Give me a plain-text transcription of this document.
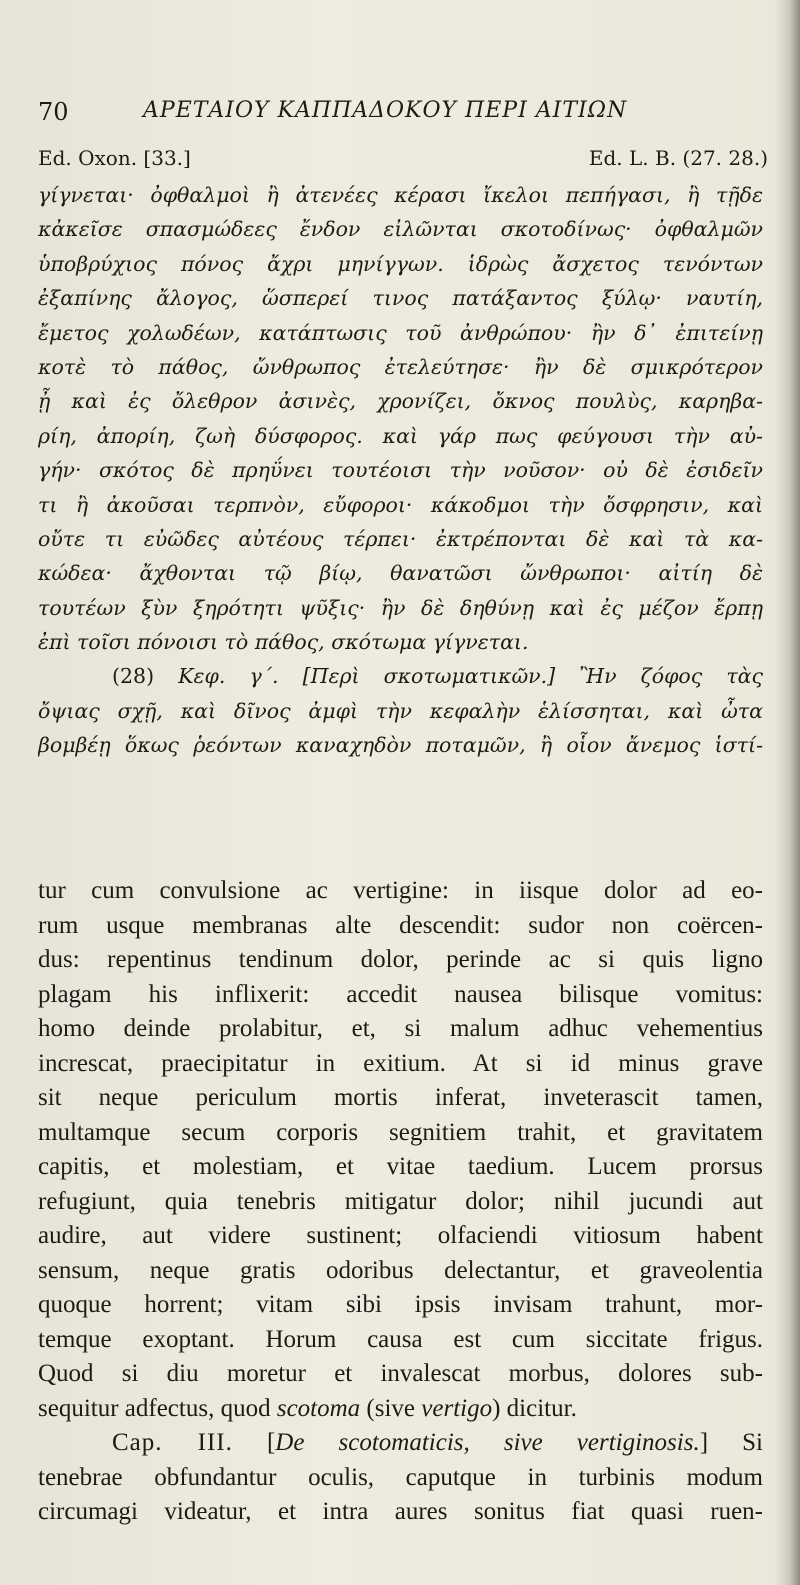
70	ΑΡΕΤΑΙΟΥ ΚΑΠΠΑΔΟΚΟΥ ΠΕΡΙ ΑΙΤΙΩΝ
Ed. Oxon. [33.]	Ed. L. B. (27. 28.)
γίγνεται· ὀφθαλμοὶ ἢ ἀτενέες κέρασι ἴκελοι πεπήγασι, ἢ τῇδε
κἀκεῖσε σπασμώδεες ἔνδον εἰλῶνται σκοτοδίνως· ὀφθαλμῶν
ὑποβρύχιος πόνος ἄχρι μηνίγγων. ἱδρὼς ἄσχετος τενόντων
ἐξαπίνης ἄλογος, ὥσπερεί τινος πατάξαντος ξύλῳ· ναυτίη,
ἔμετος χολωδέων, κατάπτωσις τοῦ ἀνθρώπου· ἢν δ᾽ ἐπιτείνῃ
κοτὲ τὸ πάθος, ὤνθρωπος ἐτελεύτησε· ἢν δὲ σμικρότερον
ᾖ καὶ ἐς ὄλεθρον ἀσινὲς, χρονίζει, ὄκνος πουλὺς, καρηβα-
ρίη, ἀπορίη, ζωὴ δύσφορος. καὶ γάρ πως φεύγουσι τὴν αὐ-
γήν· σκότος δὲ πρηΰνει τουτέοισι τὴν νοῦσον· οὐ δὲ ἐσιδεῖν
τι ἢ ἀκοῦσαι τερπνὸν, εὔφοροι· κάκοδμοι τὴν ὄσφρησιν, καὶ
οὔτε τι εὐῶδες αὐτέους τέρπει· ἐκτρέπονται δὲ καὶ τὰ κα-
κώδεα· ἄχθονται τῷ βίῳ, θανατῶσι ὤνθρωποι· αἰτίη δὲ
τουτέων ξὺν ξηρότητι ψῦξις· ἢν δὲ δηθύνῃ καὶ ἐς μέζον ἔρπῃ
ἐπὶ τοῖσι πόνοισι τὸ πάθος, σκότωμα γίγνεται.
(28) Κεφ. γ΄. [Περὶ σκοτωματικῶν.] Ἢν ζόφος τὰς
ὄψιας σχῇ, καὶ δῖνος ἀμφὶ τὴν κεφαλὴν ἑλίσσηται, καὶ ὦτα
βομβέῃ ὅκως ῥεόντων καναχηδὸν ποταμῶν, ἢ οἷον ἄνεμος ἱστί-
tur cum convulsione ac vertigine: in iisque dolor ad eo-
rum usque membranas alte descendit: sudor non coërcen-
dus: repentinus tendinum dolor, perinde ac si quis ligno
plagam his inflixerit: accedit nausea bilisque vomitus:
homo deinde prolabitur, et, si malum adhuc vehementius
increscat, praecipitatur in exitium. At si id minus grave
sit neque periculum mortis inferat, inveterascit tamen,
multamque secum corporis segnitiem trahit, et gravitatem
capitis, et molestiam, et vitae taedium. Lucem prorsus
refugiunt, quia tenebris mitigatur dolor; nihil jucundi aut
audire, aut videre sustinent; olfaciendi vitiosum habent
sensum, neque gratis odoribus delectantur, et graveolentia
quoque horrent; vitam sibi ipsis invisam trahunt, mor-
temque exoptant. Horum causa est cum siccitate frigus.
Quod si diu moretur et invalescat morbus, dolores sub-
sequitur adfectus, quod scotoma (sive vertigo) dicitur.
Cap. III. [De scotomaticis, sive vertiginosis.] Si
tenebrae obfundantur oculis, caputque in turbinis modum
circumagi videatur, et intra aures sonitus fiat quasi ruen-
